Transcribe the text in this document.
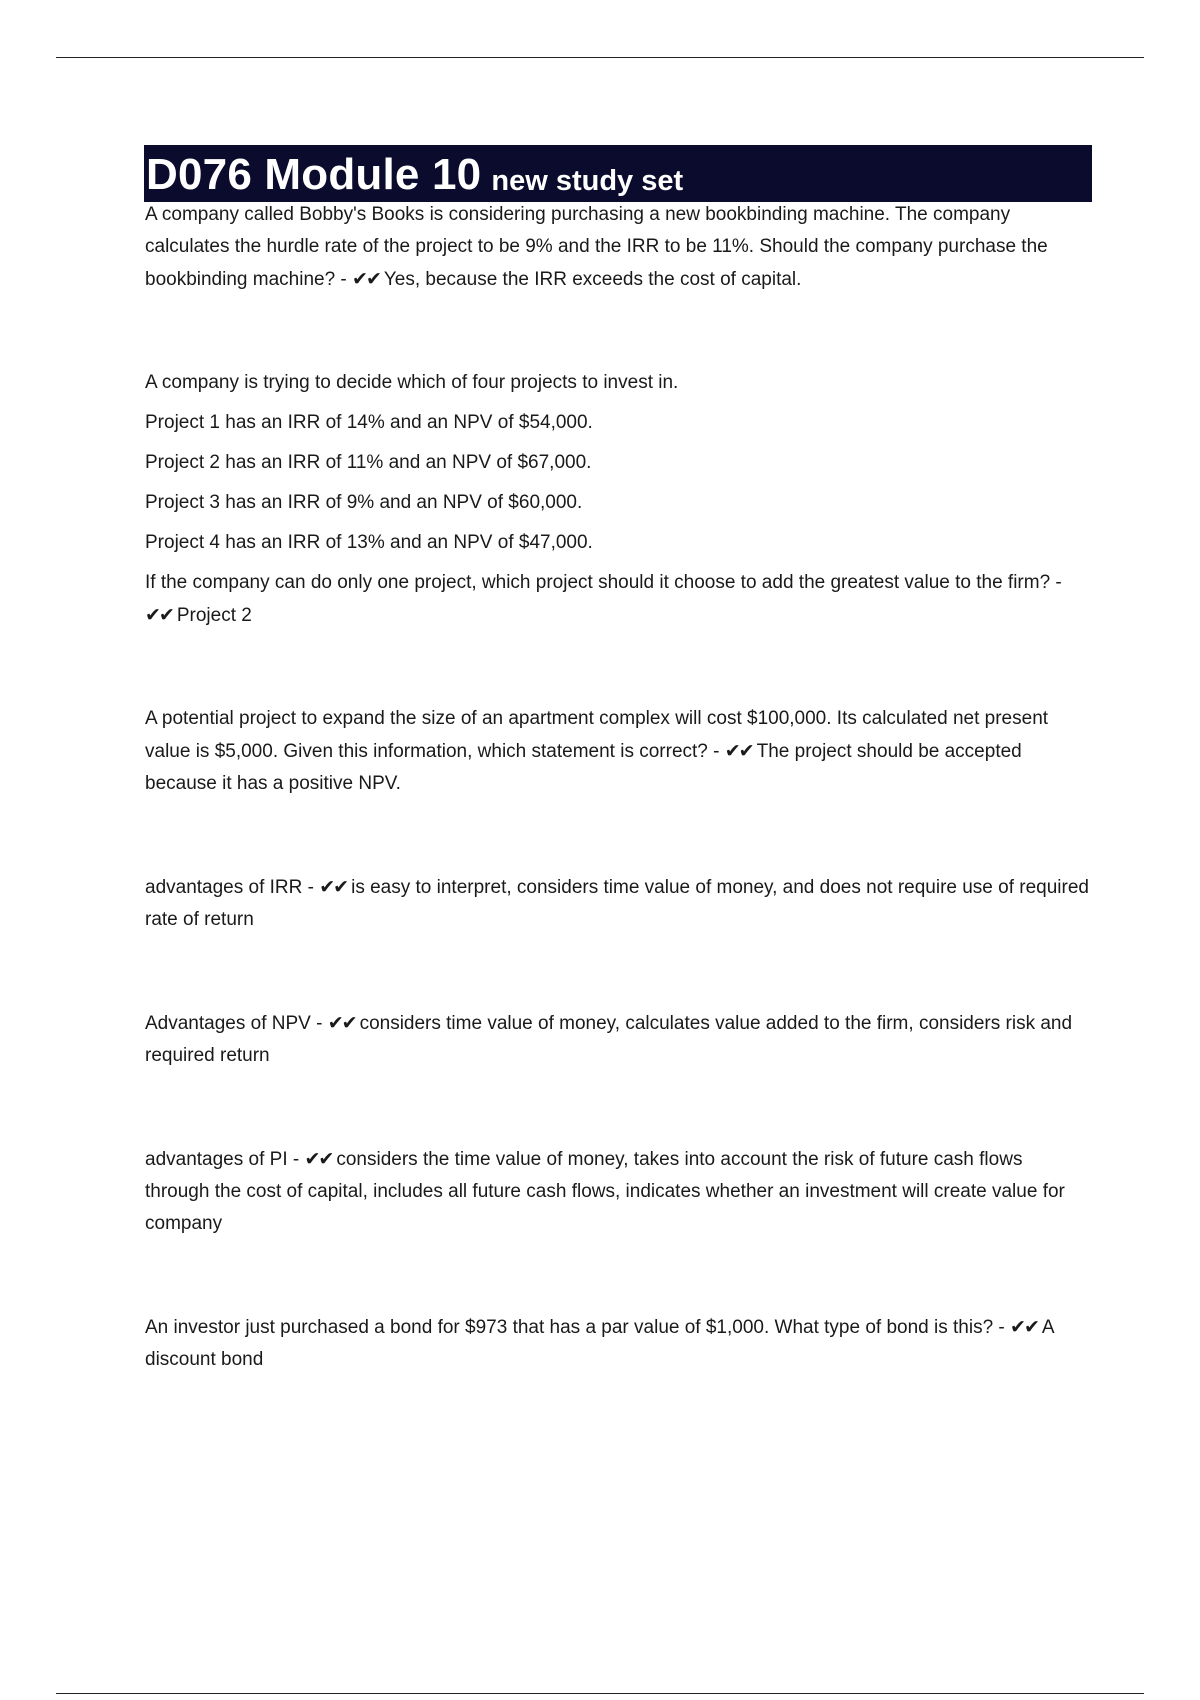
D076 Module 10 new study set

A company called Bobby's Books is considering purchasing a new bookbinding machine. The company calculates the hurdle rate of the project to be 9% and the IRR to be 11%. Should the company purchase the bookbinding machine? - ✔✔ Yes, because the IRR exceeds the cost of capital.

A company is trying to decide which of four projects to invest in.

Project 1 has an IRR of 14% and an NPV of $54,000.

Project 2 has an IRR of 11% and an NPV of $67,000.

Project 3 has an IRR of 9% and an NPV of $60,000.

Project 4 has an IRR of 13% and an NPV of $47,000.

If the company can do only one project, which project should it choose to add the greatest value to the firm? - ✔✔ Project 2

A potential project to expand the size of an apartment complex will cost $100,000. Its calculated net present value is $5,000. Given this information, which statement is correct? - ✔✔ The project should be accepted because it has a positive NPV.

advantages of IRR - ✔✔ is easy to interpret, considers time value of money, and does not require use of required rate of return

Advantages of NPV - ✔✔ considers time value of money, calculates value added to the firm, considers risk and required return

advantages of PI - ✔✔ considers the time value of money, takes into account the risk of future cash flows through the cost of capital, includes all future cash flows, indicates whether an investment will create value for company

An investor just purchased a bond for $973 that has a par value of $1,000. What type of bond is this? - ✔✔ A discount bond
